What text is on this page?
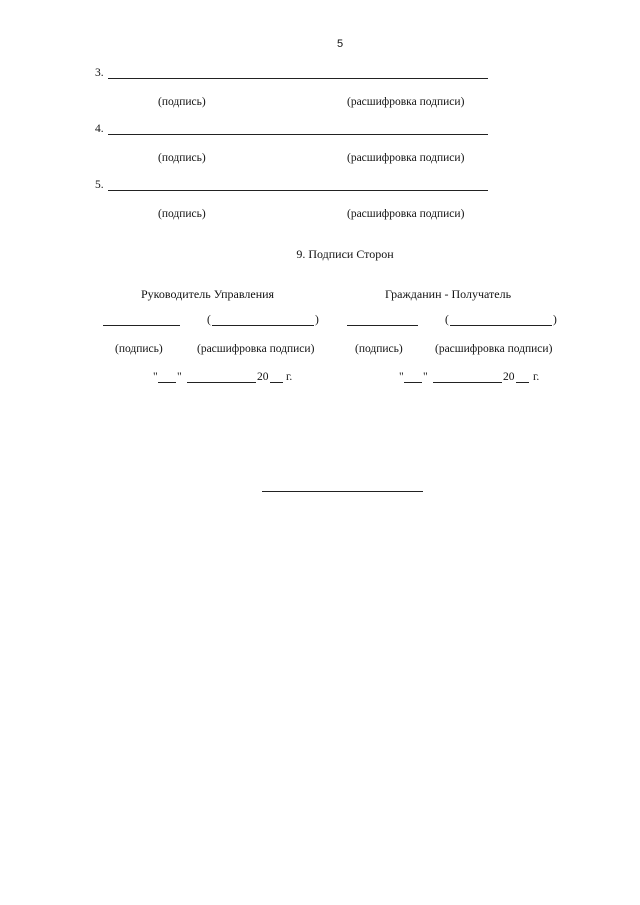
5
3.
(подпись)	(расшифровка подписи)
4.
(подпись)	(расшифровка подписи)
5.
(подпись)	(расшифровка подписи)
9. Подписи Сторон
Руководитель Управления
(	)
(подпись)	(расшифровка подписи)
" "	20 г.
Гражданин - Получатель
(	)
(подпись)	(расшифровка подписи)
" "	20 г.
